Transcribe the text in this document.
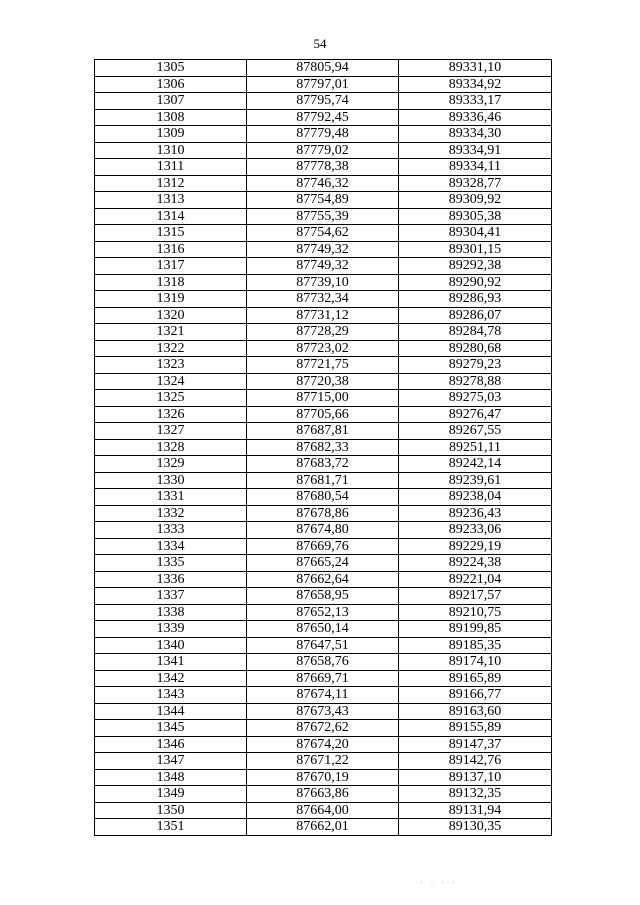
54
1305	87805,94	89331,10
1306	87797,01	89334,92
1307	87795,74	89333,17
1308	87792,45	89336,46
1309	87779,48	89334,30
1310	87779,02	89334,91
1311	87778,38	89334,11
1312	87746,32	89328,77
1313	87754,89	89309,92
1314	87755,39	89305,38
1315	87754,62	89304,41
1316	87749,32	89301,15
1317	87749,32	89292,38
1318	87739,10	89290,92
1319	87732,34	89286,93
1320	87731,12	89286,07
1321	87728,29	89284,78
1322	87723,02	89280,68
1323	87721,75	89279,23
1324	87720,38	89278,88
1325	87715,00	89275,03
1326	87705,66	89276,47
1327	87687,81	89267,55
1328	87682,33	89251,11
1329	87683,72	89242,14
1330	87681,71	89239,61
1331	87680,54	89238,04
1332	87678,86	89236,43
1333	87674,80	89233,06
1334	87669,76	89229,19
1335	87665,24	89224,38
1336	87662,64	89221,04
1337	87658,95	89217,57
1338	87652,13	89210,75
1339	87650,14	89199,85
1340	87647,51	89185,35
1341	87658,76	89174,10
1342	87669,71	89165,89
1343	87674,11	89166,77
1344	87673,43	89163,60
1345	87672,62	89155,89
1346	87674,20	89147,37
1347	87671,22	89142,76
1348	87670,19	89137,10
1349	87663,86	89132,35
1350	87664,00	89131,94
1351	87662,01	89130,35
· · · ·
